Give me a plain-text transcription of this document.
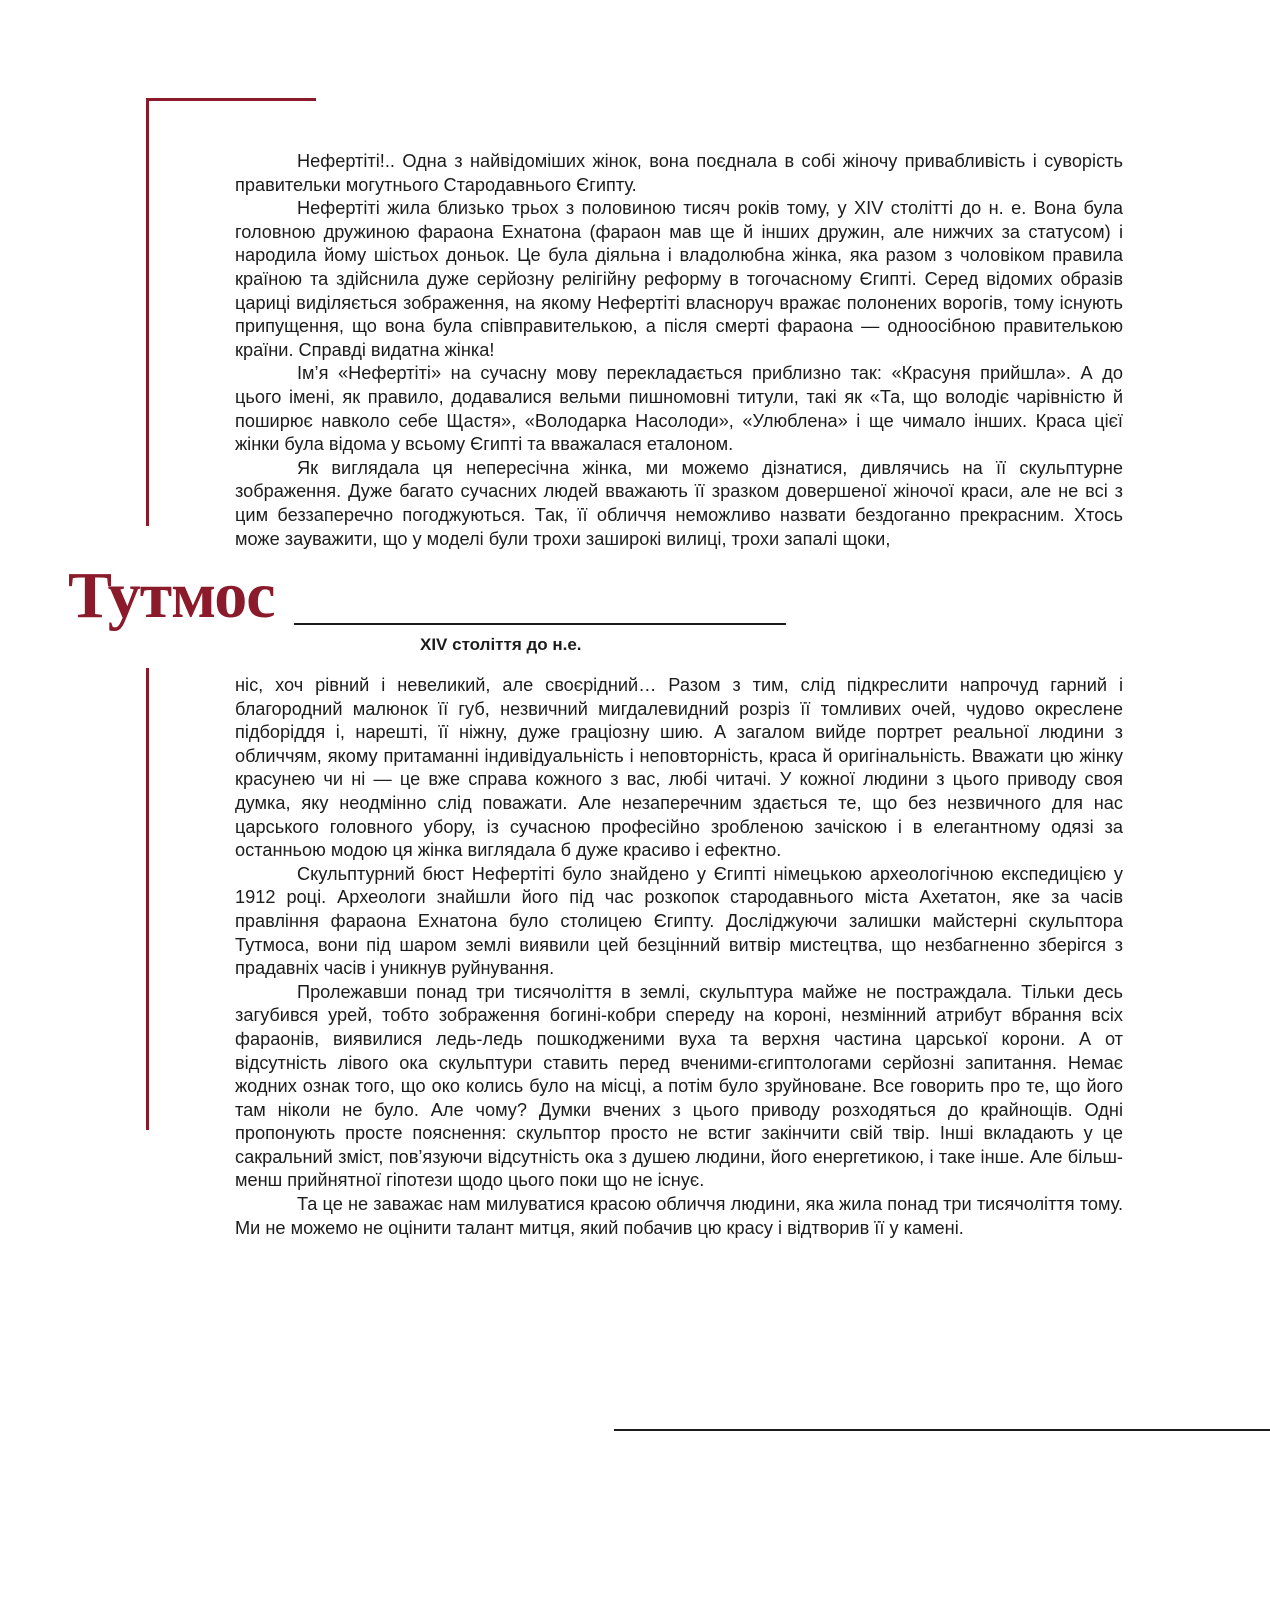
Нефертіті!.. Одна з найвідоміших жінок, вона поєднала в собі жіночу привабливість і суворість правительки могутнього Стародавнього Єгипту.

Нефертіті жила близько трьох з половиною тисяч років тому, у XIV столітті до н. е. Вона була головною дружиною фараона Ехнатона (фараон мав ще й інших дружин, але нижчих за статусом) і народила йому шістьох доньок. Це була діяльна і владолюбна жінка, яка разом з чоловіком правила країною та здійснила дуже серйозну релігійну реформу в тогочасному Єгипті. Серед відомих образів цариці виділяється зображення, на якому Нефертіті власноруч вражає полонених ворогів, тому існують припущення, що вона була співправителькою, а після смерті фараона — одноосібною правителькою країни. Справді видатна жінка!

Ім’я «Нефертіті» на сучасну мову перекладається приблизно так: «Красуня прийшла». А до цього імені, як правило, додавалися вельми пишномовні титули, такі як «Та, що володіє чарівністю й поширює навколо себе Щастя», «Володарка Насолоди», «Улюблена» і ще чимало інших. Краса цієї жінки була відома у всьому Єгипті та вважалася еталоном.

Як виглядала ця непересічна жінка, ми можемо дізнатися, дивлячись на її скульптурне зображення. Дуже багато сучасних людей вважають її зразком довершеної жіночої краси, але не всі з цим беззаперечно погоджуються. Так, її обличчя неможливо назвати бездоганно прекрасним. Хтось може зауважити, що у моделі були трохи заширокі вилиці, трохи запалі щоки,

Тутмос
XIV століття до н.е.

ніс, хоч рівний і невеликий, але своєрідний… Разом з тим, слід підкреслити напрочуд гарний і благородний малюнок її губ, незвичний мигдалевидний розріз її томливих очей, чудово окреслене підборіддя і, нарешті, її ніжну, дуже граціозну шию. А загалом вийде портрет реальної людини з обличчям, якому притаманні індивідуальність і неповторність, краса й оригінальність. Вважати цю жінку красунею чи ні — це вже справа кожного з вас, любі читачі. У кожної людини з цього приводу своя думка, яку неодмінно слід поважати. Але незаперечним здається те, що без незвичного для нас царського головного убору, із сучасною професійно зробленою зачіскою і в елегантному одязі за останньою модою ця жінка виглядала б дуже красиво і ефектно.

Скульптурний бюст Нефертіті було знайдено у Єгипті німецькою археологічною експедицією у 1912 році. Археологи знайшли його під час розкопок стародавнього міста Ахетатон, яке за часів правління фараона Ехнатона було столицею Єгипту. Досліджуючи залишки майстерні скульптора Тутмоса, вони під шаром землі виявили цей безцінний витвір мистецтва, що незбагненно зберігся з прадавніх часів і уникнув руйнування.

Пролежавши понад три тисячоліття в землі, скульптура майже не постраждала. Тільки десь загубився урей, тобто зображення богині-кобри спереду на короні, незмінний атрибут вбрання всіх фараонів, виявилися ледь-ледь пошкодженими вуха та верхня частина царської корони. А от відсутність лівого ока скульптури ставить перед вченими-єгиптологами серйозні запитання. Немає жодних ознак того, що око колись було на місці, а потім було зруйноване. Все говорить про те, що його там ніколи не було. Але чому? Думки вчених з цього приводу розходяться до крайнощів. Одні пропонують просте пояснення: скульптор просто не встиг закінчити свій твір. Інші вкладають у це сакральний зміст, пов’язуючи відсутність ока з душею людини, його енергетикою, і таке інше. Але більш-менш прийнятної гіпотези щодо цього поки що не існує.

Та це не заважає нам милуватися красою обличчя людини, яка жила понад три тисячоліття тому. Ми не можемо не оцінити талант митця, який побачив цю красу і відтворив її у камені.
